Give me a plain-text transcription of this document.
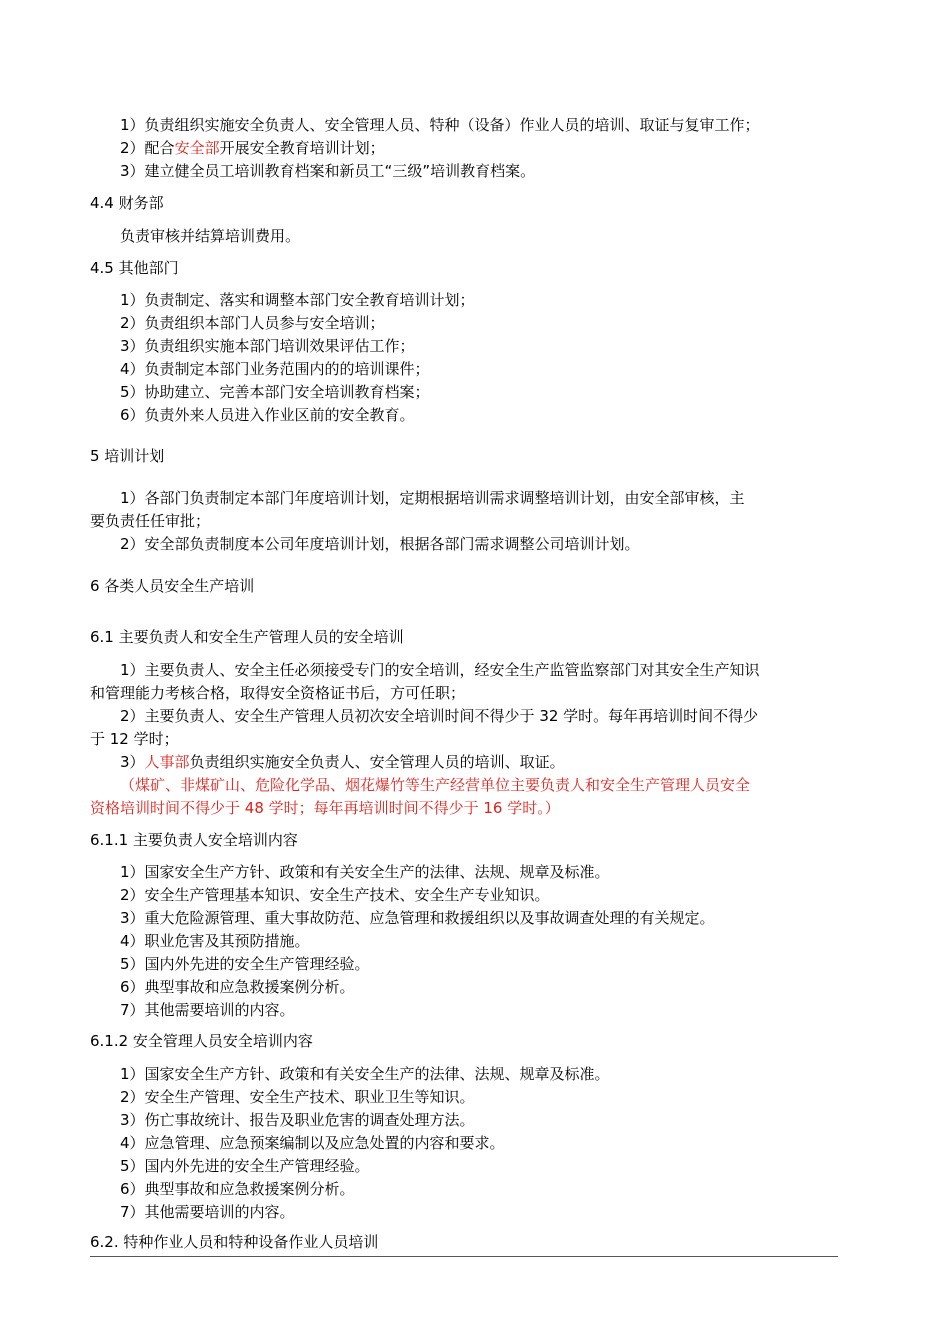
1）负责组织实施安全负责人、安全管理人员、特种（设备）作业人员的培训、取证与复审工作；
2）配合安全部开展安全教育培训计划；
3）建立健全员工培训教育档案和新员工“三级”培训教育档案。
4.4 财务部
负责审核并结算培训费用。
4.5 其他部门
1）负责制定、落实和调整本部门安全教育培训计划；
2）负责组织本部门人员参与安全培训；
3）负责组织实施本部门培训效果评估工作；
4）负责制定本部门业务范围内的的培训课件；
5）协助建立、完善本部门安全培训教育档案；
6）负责外来人员进入作业区前的安全教育。
5 培训计划
1）各部门负责制定本部门年度培训计划，定期根据培训需求调整培训计划，由安全部审核，主
要负责任任审批；
2）安全部负责制度本公司年度培训计划，根据各部门需求调整公司培训计划。
6 各类人员安全生产培训
6.1 主要负责人和安全生产管理人员的安全培训
1）主要负责人、安全主任必须接受专门的安全培训，经安全生产监管监察部门对其安全生产知识
和管理能力考核合格，取得安全资格证书后，方可任职；
2）主要负责人、安全生产管理人员初次安全培训时间不得少于 32 学时。每年再培训时间不得少
于 12 学时；
3）人事部负责组织实施安全负责人、安全管理人员的培训、取证。
（煤矿、非煤矿山、危险化学品、烟花爆竹等生产经营单位主要负责人和安全生产管理人员安全
资格培训时间不得少于 48 学时；每年再培训时间不得少于 16 学时。）
6.1.1 主要负责人安全培训内容
1）国家安全生产方针、政策和有关安全生产的法律、法规、规章及标准。
2）安全生产管理基本知识、安全生产技术、安全生产专业知识。
3）重大危险源管理、重大事故防范、应急管理和救援组织以及事故调查处理的有关规定。
4）职业危害及其预防措施。
5）国内外先进的安全生产管理经验。
6）典型事故和应急救援案例分析。
7）其他需要培训的内容。
6.1.2 安全管理人员安全培训内容
1）国家安全生产方针、政策和有关安全生产的法律、法规、规章及标准。
2）安全生产管理、安全生产技术、职业卫生等知识。
3）伤亡事故统计、报告及职业危害的调查处理方法。
4）应急管理、应急预案编制以及应急处置的内容和要求。
5）国内外先进的安全生产管理经验。
6）典型事故和应急救援案例分析。
7）其他需要培训的内容。
6.2. 特种作业人员和特种设备作业人员培训
